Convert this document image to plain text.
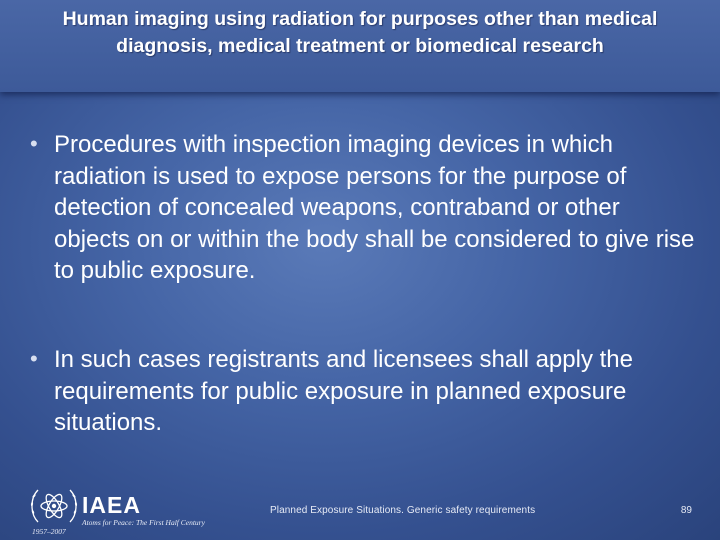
Human imaging using radiation for purposes other than medical diagnosis, medical treatment or biomedical research
• Procedures with inspection imaging devices in which radiation is used to expose persons for the purpose of detection of concealed weapons, contraband or other objects on or within the body shall be considered to give rise to public exposure.
• In such cases registrants and licensees shall apply the requirements for public exposure in planned exposure situations.
IAEA
Atoms for Peace: The First Half Century
1957–2007
Planned Exposure Situations. Generic safety requirements	89
